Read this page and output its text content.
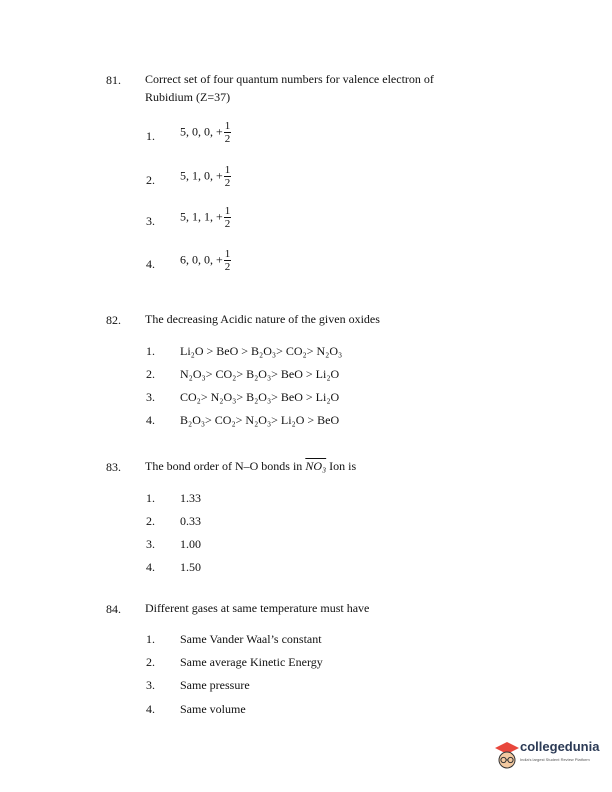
81. Correct set of four quantum numbers for valence electron of
Rubidium (Z=37)
1. 5, 0, 0, + $\frac{1}{2}$
2. 5, 1, 0, + $\frac{1}{2}$
3. 5, 1, 1, + $\frac{1}{2}$
4. 6, 0, 0, + $\frac{1}{2}$
82. The decreasing Acidic nature of the given oxides
1. Li₂O > BeO > B₂O₃> CO₂> N₂O₃
2. N₂O₃> CO₂> B₂O₃> BeO > Li₂O
3. CO₂> N₂O₃> B₂O₃> BeO > Li₂O
4. B₂O₃> CO₂> N₂O₃> Li₂O > BeO
83. The bond order of N–O bonds in NO₃ Ion is
1. 1.33
2. 0.33
3. 1.00
4. 1.50
84. Different gases at same temperature must have
1. Same Vander Waal’s constant
2. Same average Kinetic Energy
3. Same pressure
4. Same volume
collegedunia
India's largest Student Review Platform
